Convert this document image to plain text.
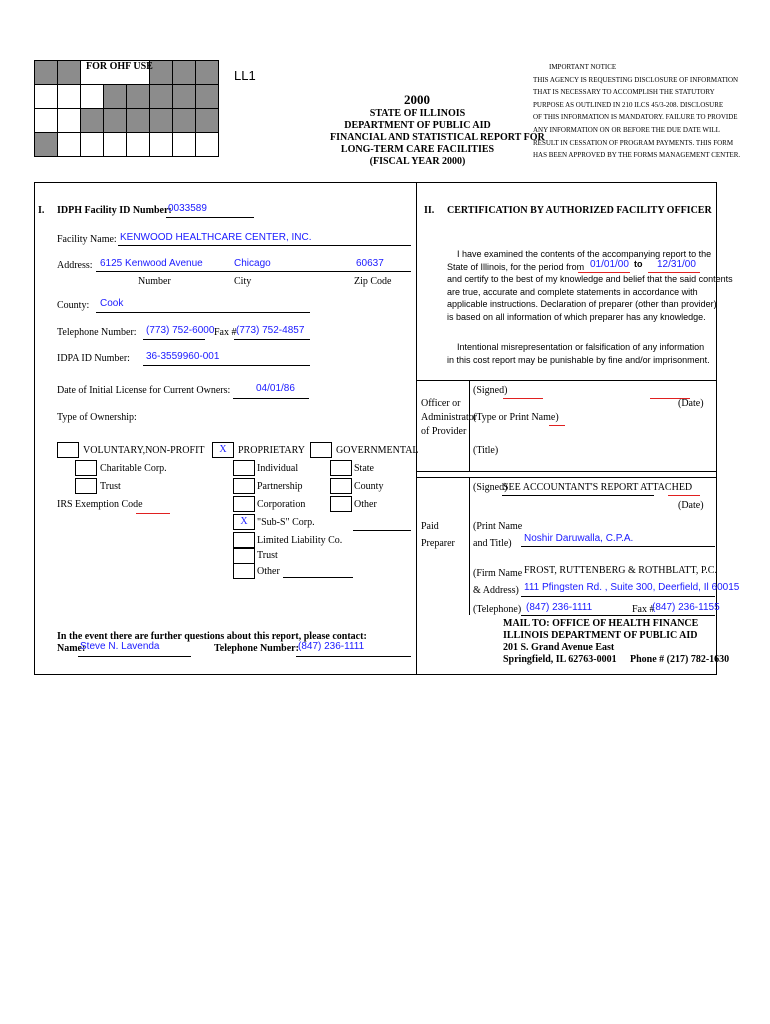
FOR OHF USE
LL1
2000
STATE OF ILLINOIS
DEPARTMENT OF PUBLIC AID
FINANCIAL AND STATISTICAL REPORT FOR
LONG-TERM CARE FACILITIES
(FISCAL YEAR 2000)
IMPORTANT NOTICE
THIS AGENCY IS REQUESTING DISCLOSURE OF INFORMATION
THAT IS NECESSARY TO ACCOMPLISH THE STATUTORY
PURPOSE AS OUTLINED IN 210 ILCS 45/3-208. DISCLOSURE
OF THIS INFORMATION IS MANDATORY. FAILURE TO PROVIDE
ANY INFORMATION ON OR BEFORE THE DUE DATE WILL
RESULT IN CESSATION OF PROGRAM PAYMENTS. THIS FORM
HAS BEEN APPROVED BY THE FORMS MANAGEMENT CENTER.
I. IDPH Facility ID Number:
0033589
Facility Name: KENWOOD HEALTHCARE CENTER, INC.
Address: 6125 Kenwood Avenue	Chicago	60637
Number	City	Zip Code
County: Cook
Telephone Number: (773) 752-6000 Fax # (773) 752-4857
IDPA ID Number: 36-3559960-001
Date of Initial License for Current Owners:	04/01/86
Type of Ownership:
VOLUNTARY,NON-PROFIT	X	PROPRIETARY	GOVERNMENTAL
Charitable Corp.
Trust
IRS Exemption Code
Individual
Partnership
Corporation
X "Sub-S" Corp.
Limited Liability Co.
Trust
Other
State
County
Other
In the event there are further questions about this report, please contact:
Name:
Steve N. Lavenda	Telephone Number: (847) 236-1111
II. CERTIFICATION BY AUTHORIZED FACILITY OFFICER
I have examined the contents of the accompanying report to the
State of Illinois, for the period from
and certify to the best of my knowledge and belief that the said contents
are true, accurate and complete statements in accordance with
applicable instructions. Declaration of preparer (other than provider)
is based on all information of which preparer has any knowledge.
01/01/00 to 12/31/00
Intentional misrepresentation or falsification of any information
in this cost report may be punishable by fine and/or imprisonment.
Officer or
Administrator
of Provider
(Signed)
(Date)
(Type or Print Name)
(Title)
(Signed)
SEE ACCOUNTANT'S REPORT ATTACHED
(Date)
Paid
Preparer
(Print Name
and Title)	Noshir Daruwalla, C.P.A.
(Firm Name
& Address)
FROST, RUTTENBERG & ROTHBLATT, P.C.
111 Pfingsten Rd. , Suite 300, Deerfield, Il 60015
(Telephone) (847) 236-1111	Fax #
(847) 236-1155
MAIL TO: OFFICE OF HEALTH FINANCE
ILLINOIS DEPARTMENT OF PUBLIC AID
201 S. Grand Avenue East
Springfield, IL 62763-0001	Phone # (217) 782-1630
